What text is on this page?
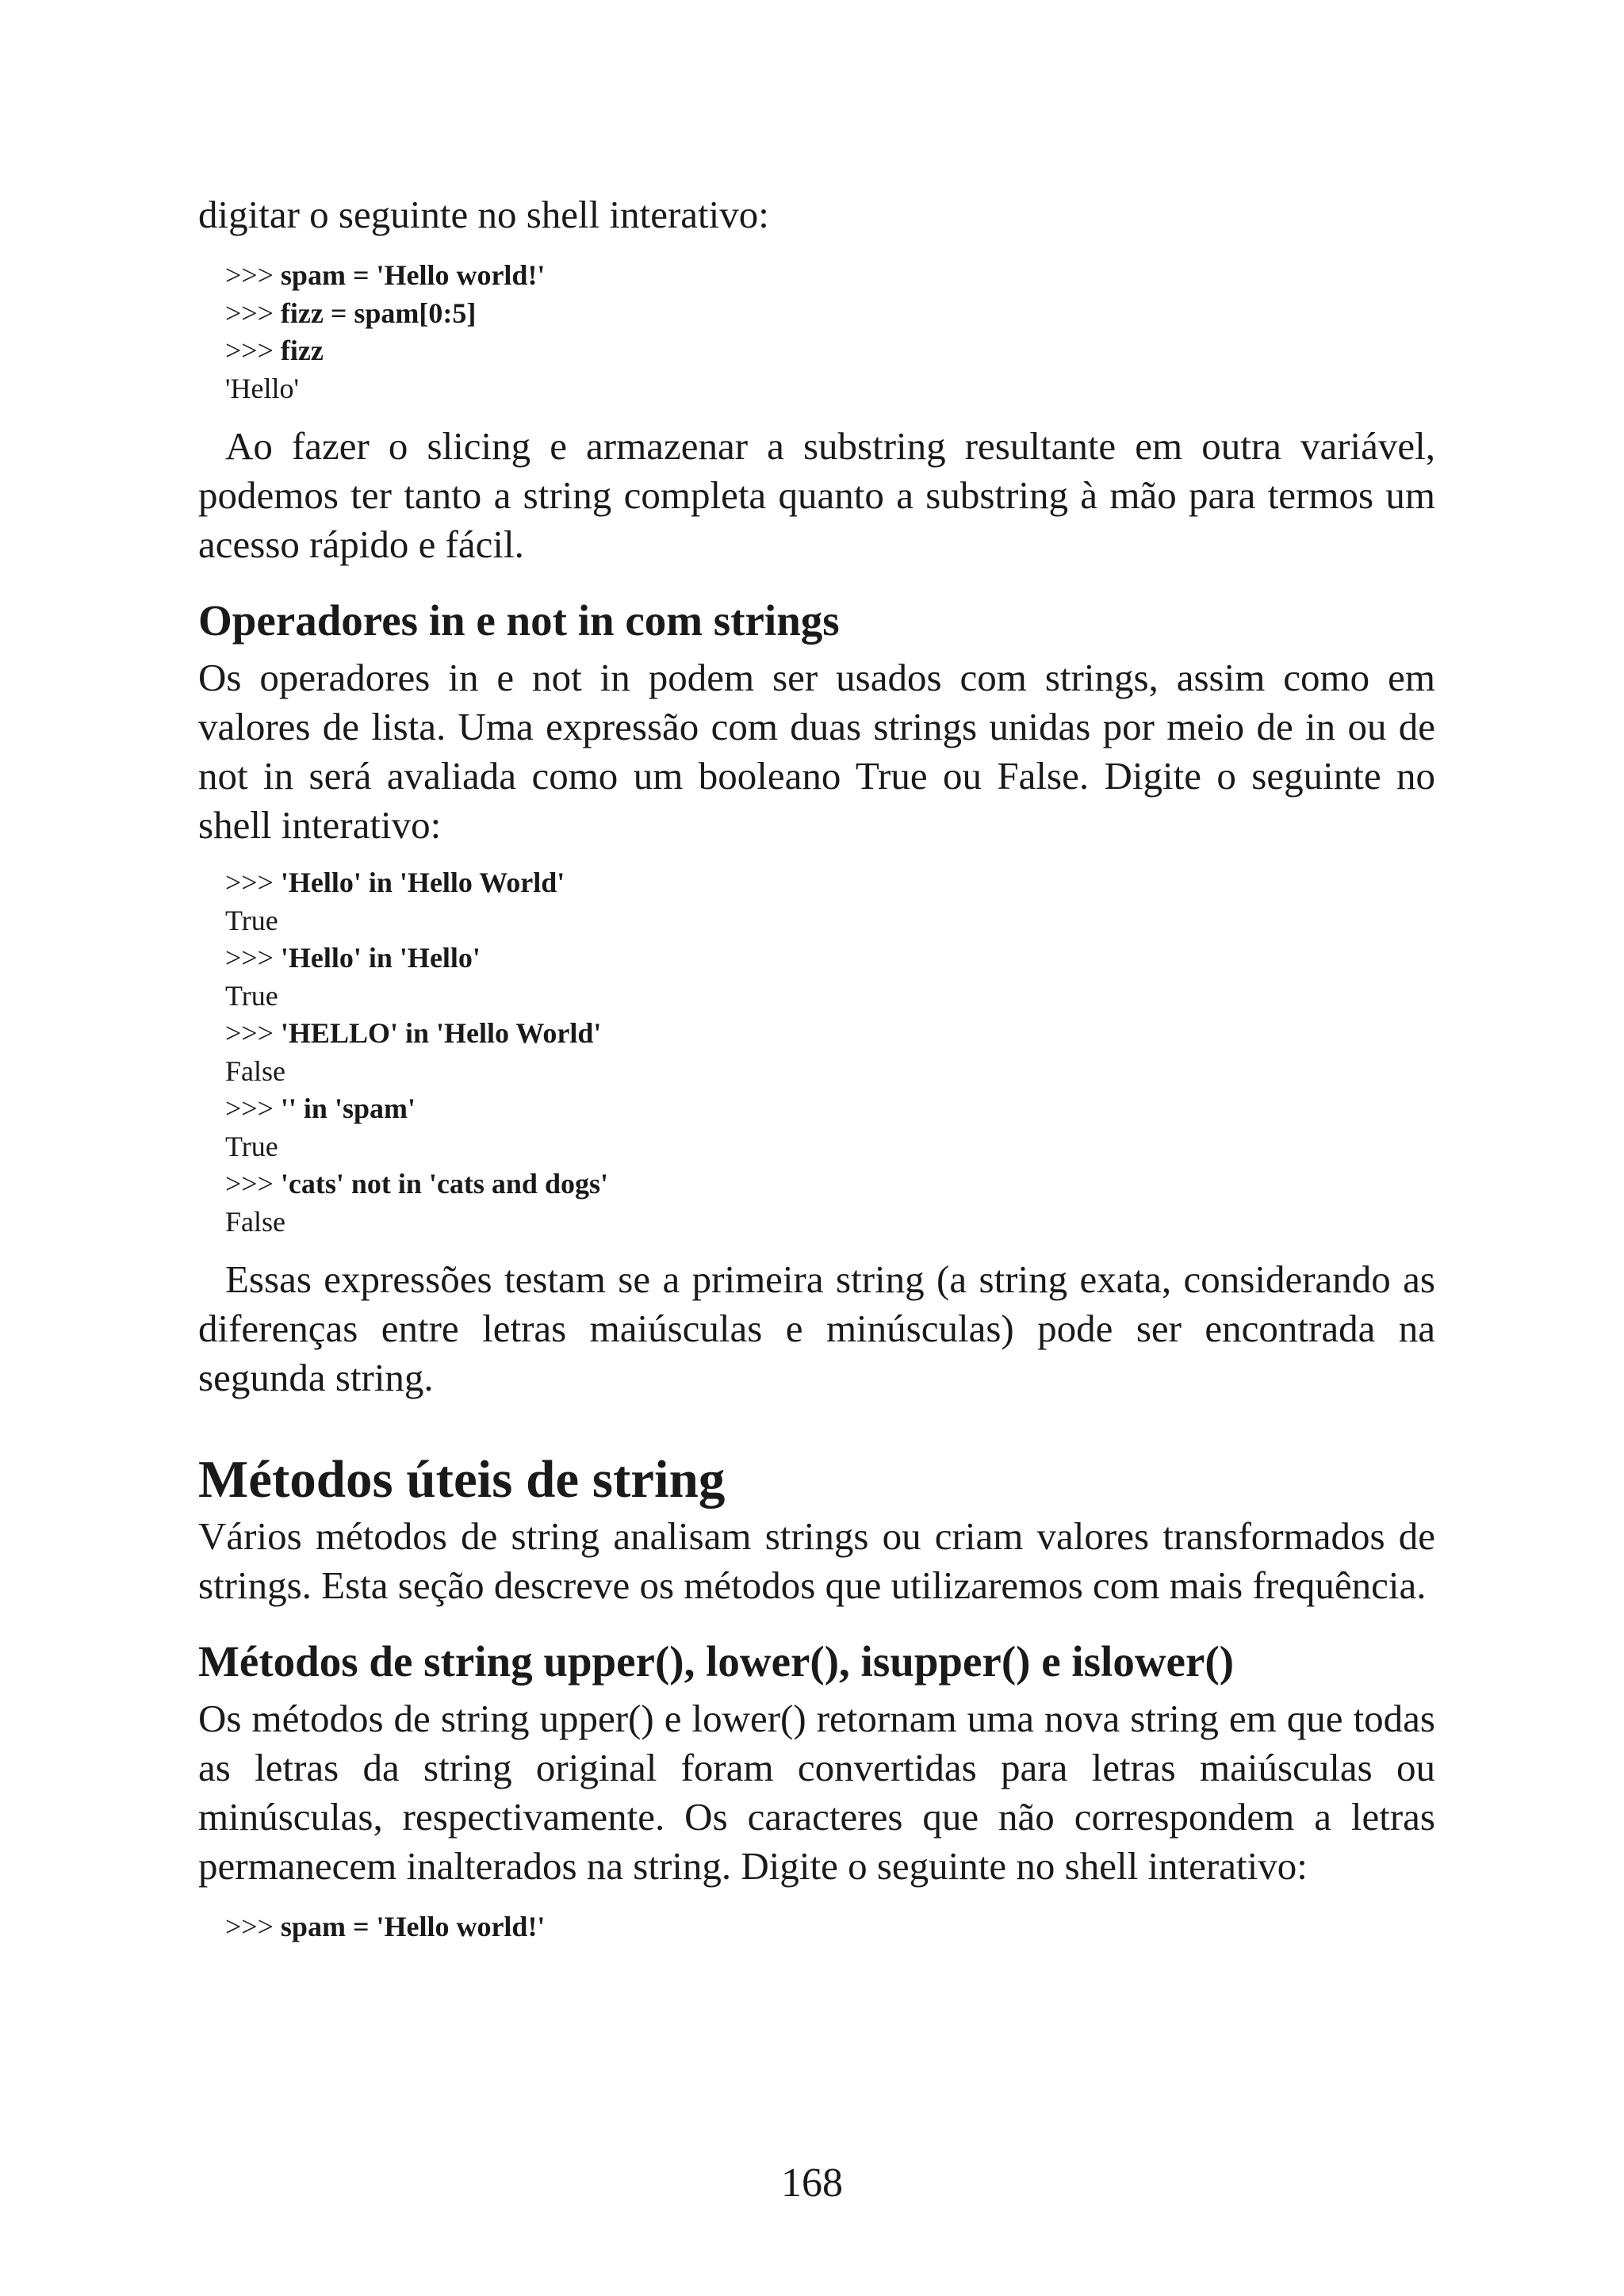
digitar o seguinte no shell interativo:

>>> spam = 'Hello world!'
>>> fizz = spam[0:5]
>>> fizz
'Hello'

Ao fazer o slicing e armazenar a substring resultante em outra variável, podemos ter tanto a string completa quanto a substring à mão para termos um acesso rápido e fácil.

Operadores in e not in com strings

Os operadores in e not in podem ser usados com strings, assim como em valores de lista. Uma expressão com duas strings unidas por meio de in ou de not in será avaliada como um booleano True ou False. Digite o seguinte no shell interativo:

>>> 'Hello' in 'Hello World'
True
>>> 'Hello' in 'Hello'
True
>>> 'HELLO' in 'Hello World'
False
>>> '' in 'spam'
True
>>> 'cats' not in 'cats and dogs'
False

Essas expressões testam se a primeira string (a string exata, considerando as diferenças entre letras maiúsculas e minúsculas) pode ser encontrada na segunda string.

Métodos úteis de string

Vários métodos de string analisam strings ou criam valores transformados de strings. Esta seção descreve os métodos que utilizaremos com mais frequência.

Métodos de string upper(), lower(), isupper() e islower()

Os métodos de string upper() e lower() retornam uma nova string em que todas as letras da string original foram convertidas para letras maiúsculas ou minúsculas, respectivamente. Os caracteres que não correspondem a letras permanecem inalterados na string. Digite o seguinte no shell interativo:

>>> spam = 'Hello world!'
168
